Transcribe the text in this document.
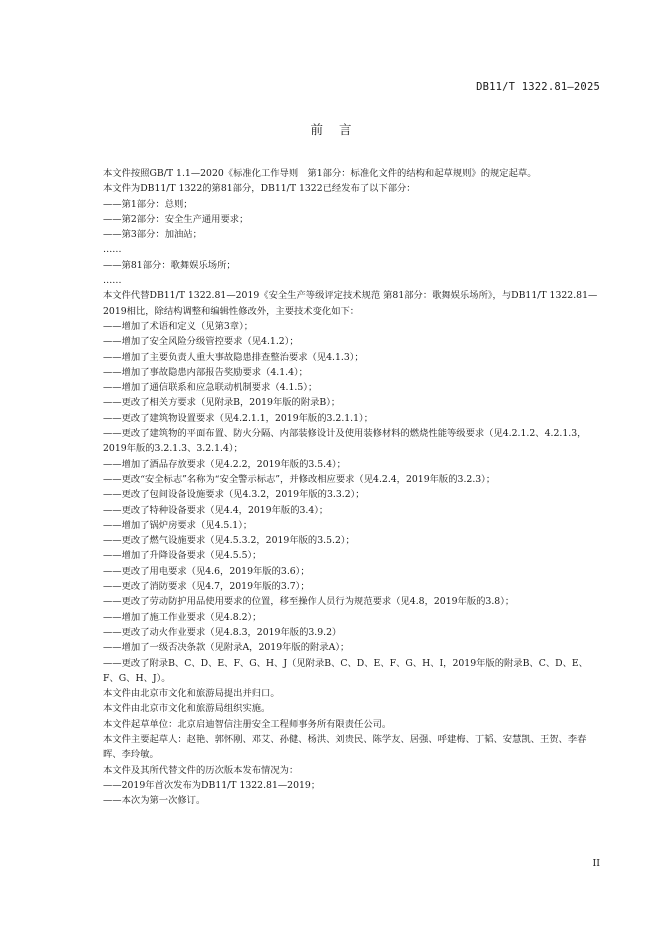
DB11/T 1322.81—2025
前言

本文件按照GB/T 1.1—2020《标准化工作导则　第1部分：标准化文件的结构和起草规则》的规定起草。

本文件为DB11/T 1322的第81部分，DB11/T 1322已经发布了以下部分：

——第1部分：总则；

——第2部分：安全生产通用要求；

——第3部分：加油站；

……

——第81部分：歌舞娱乐场所；

……

本文件代替DB11/T 1322.81—2019《安全生产等级评定技术规范 第81部分：歌舞娱乐场所》，与DB11/T 1322.81—2019相比，除结构调整和编辑性修改外，主要技术变化如下：

——增加了术语和定义（见第3章）；

——增加了安全风险分级管控要求（见4.1.2）；

——增加了主要负责人重大事故隐患排查整治要求（见4.1.3）；

——增加了事故隐患内部报告奖励要求（4.1.4）；

——增加了通信联系和应急联动机制要求（4.1.5）；

——更改了相关方要求（见附录B，2019年版的附录B）；

——更改了建筑物设置要求（见4.2.1.1，2019年版的3.2.1.1）；

——更改了建筑物的平面布置、防火分隔、内部装修设计及使用装修材料的燃烧性能等级要求（见4.2.1.2、4.2.1.3，2019年版的3.2.1.3、3.2.1.4）；

——增加了酒品存放要求（见4.2.2，2019年版的3.5.4）；

——更改“安全标志”名称为“安全警示标志”，并修改相应要求（见4.2.4，2019年版的3.2.3）；

——更改了包间设备设施要求（见4.3.2，2019年版的3.3.2）；

——更改了特种设备要求（见4.4，2019年版的3.4）；

——增加了锅炉房要求（见4.5.1）；

——更改了燃气设施要求（见4.5.3.2，2019年版的3.5.2）；

——增加了升降设备要求（见4.5.5）；

——更改了用电要求（见4.6，2019年版的3.6）；

——更改了消防要求（见4.7，2019年版的3.7）；

——更改了劳动防护用品使用要求的位置，移至操作人员行为规范要求（见4.8，2019年版的3.8）；

——增加了施工作业要求（见4.8.2）；

——更改了动火作业要求（见4.8.3，2019年版的3.9.2）

——增加了一级否决条款（见附录A，2019年版的附录A）；

——更改了附录B、C、D、E、F、G、H、J（见附录B、C、D、E、F、G、H、I，2019年版的附录B、C、D、E、F、G、H、J）。

本文件由北京市文化和旅游局提出并归口。

本文件由北京市文化和旅游局组织实施。

本文件起草单位：北京启迪智信注册安全工程师事务所有限责任公司。

本文件主要起草人：赵艳、郭怀刚、邓艾、孙健、杨洪、刘贵民、陈学友、居强、呼建梅、丁韬、安慧凯、王贺、李春晖、李玲敏。

本文件及其所代替文件的历次版本发布情况为：

——2019年首次发布为DB11/T 1322.81—2019；

——本次为第一次修订。

II
